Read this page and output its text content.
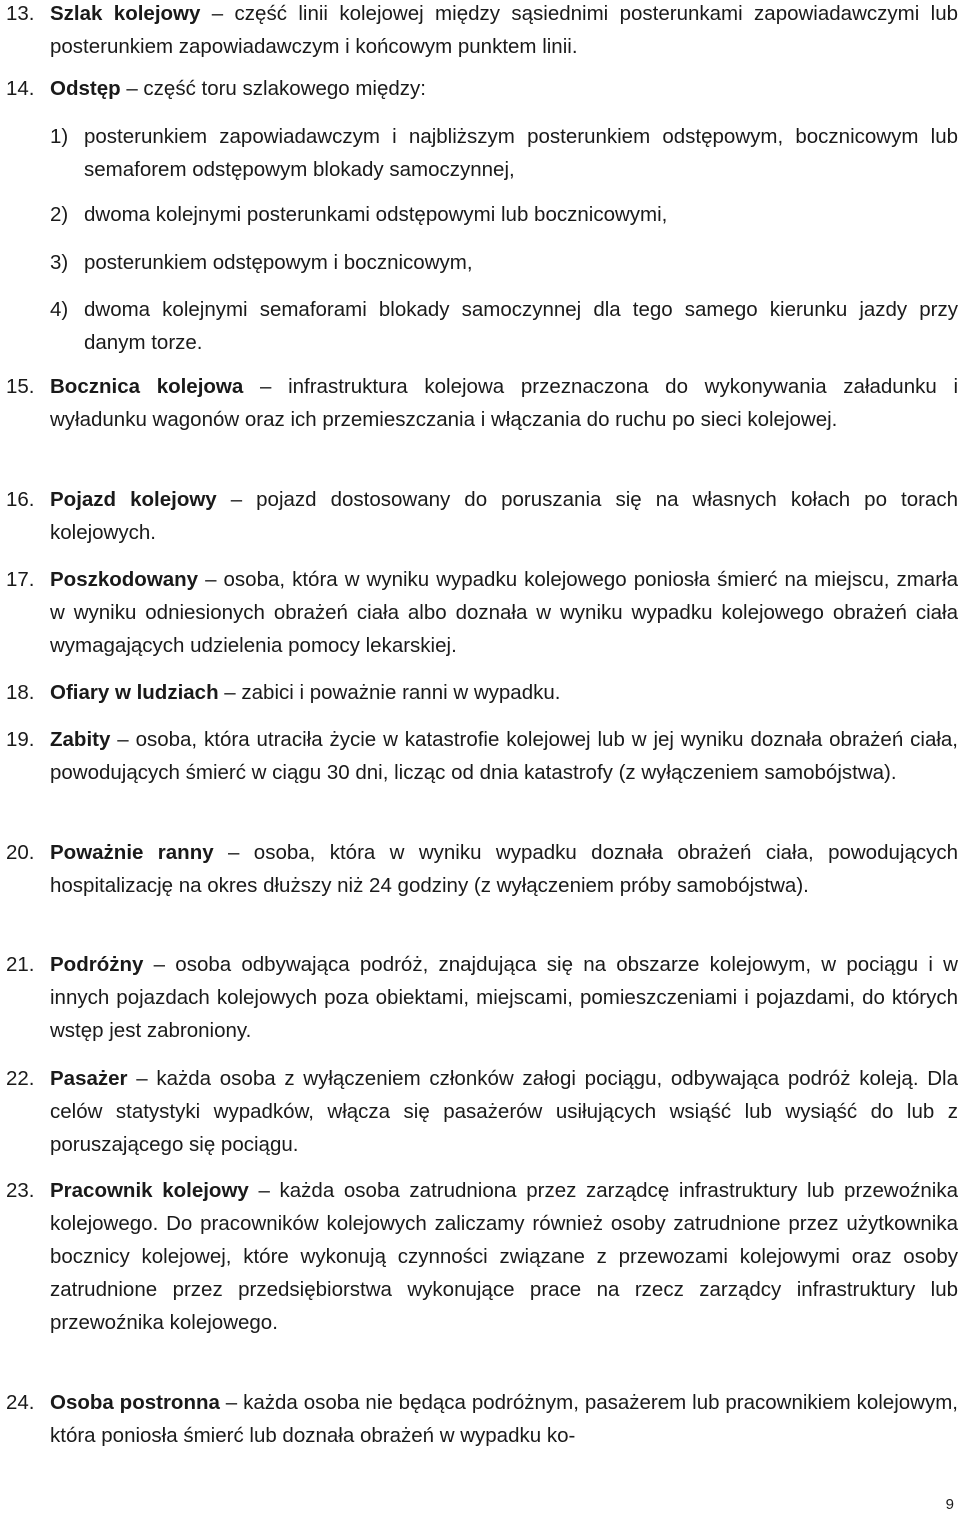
13. Szlak kolejowy – część linii kolejowej między sąsiednimi posterunkami zapowiadawczymi lub posterunkiem zapowiadawczym i końcowym punktem linii.
14. Odstęp – część toru szlakowego między:
1) posterunkiem zapowiadawczym i najbliższym posterunkiem odstępowym, bocznicowym lub semaforem odstępowym blokady samoczynnej,
2) dwoma kolejnymi posterunkami odstępowymi lub bocznicowymi,
3) posterunkiem odstępowym i bocznicowym,
4) dwoma kolejnymi semaforami blokady samoczynnej dla tego samego kierunku jazdy przy danym torze.
15. Bocznica kolejowa – infrastruktura kolejowa przeznaczona do wykonywania załadunku i wyładunku wagonów oraz ich przemieszczania i włączania do ruchu po sieci kolejowej.
16. Pojazd kolejowy – pojazd dostosowany do poruszania się na własnych kołach po torach kolejowych.
17. Poszkodowany – osoba, która w wyniku wypadku kolejowego poniosła śmierć na miejscu, zmarła w wyniku odniesionych obrażeń ciała albo doznała w wyniku wypadku kolejowego obrażeń ciała wymagających udzielenia pomocy lekarskiej.
18. Ofiary w ludziach – zabici i poważnie ranni w wypadku.
19. Zabity – osoba, która utraciła życie w katastrofie kolejowej lub w jej wyniku doznała obrażeń ciała, powodujących śmierć w ciągu 30 dni, licząc od dnia katastrofy (z wyłączeniem samobójstwa).
20. Poważnie ranny – osoba, która w wyniku wypadku doznała obrażeń ciała, powodujących hospitalizację na okres dłuższy niż 24 godziny (z wyłączeniem próby samobójstwa).
21. Podróżny – osoba odbywająca podróż, znajdująca się na obszarze kolejowym, w pociągu i w innych pojazdach kolejowych poza obiektami, miejscami, pomieszczeniami i pojazdami, do których wstęp jest zabroniony.
22. Pasażer – każda osoba z wyłączeniem członków załogi pociągu, odbywająca podróż koleją. Dla celów statystyki wypadków, włącza się pasażerów usiłujących wsiąść lub wysiąść do lub z poruszającego się pociągu.
23. Pracownik kolejowy – każda osoba zatrudniona przez zarządcę infrastruktury lub przewoźnika kolejowego. Do pracowników kolejowych zaliczamy również osoby zatrudnione przez użytkownika bocznicy kolejowej, które wykonują czynności związane z przewozami kolejowymi oraz osoby zatrudnione przez przedsiębiorstwa wykonujące prace na rzecz zarządcy infrastruktury lub przewoźnika kolejowego.
24. Osoba postronna – każda osoba nie będąca podróżnym, pasażerem lub pracownikiem kolejowym, która poniosła śmierć lub doznała obrażeń w wypadku ko-
9
